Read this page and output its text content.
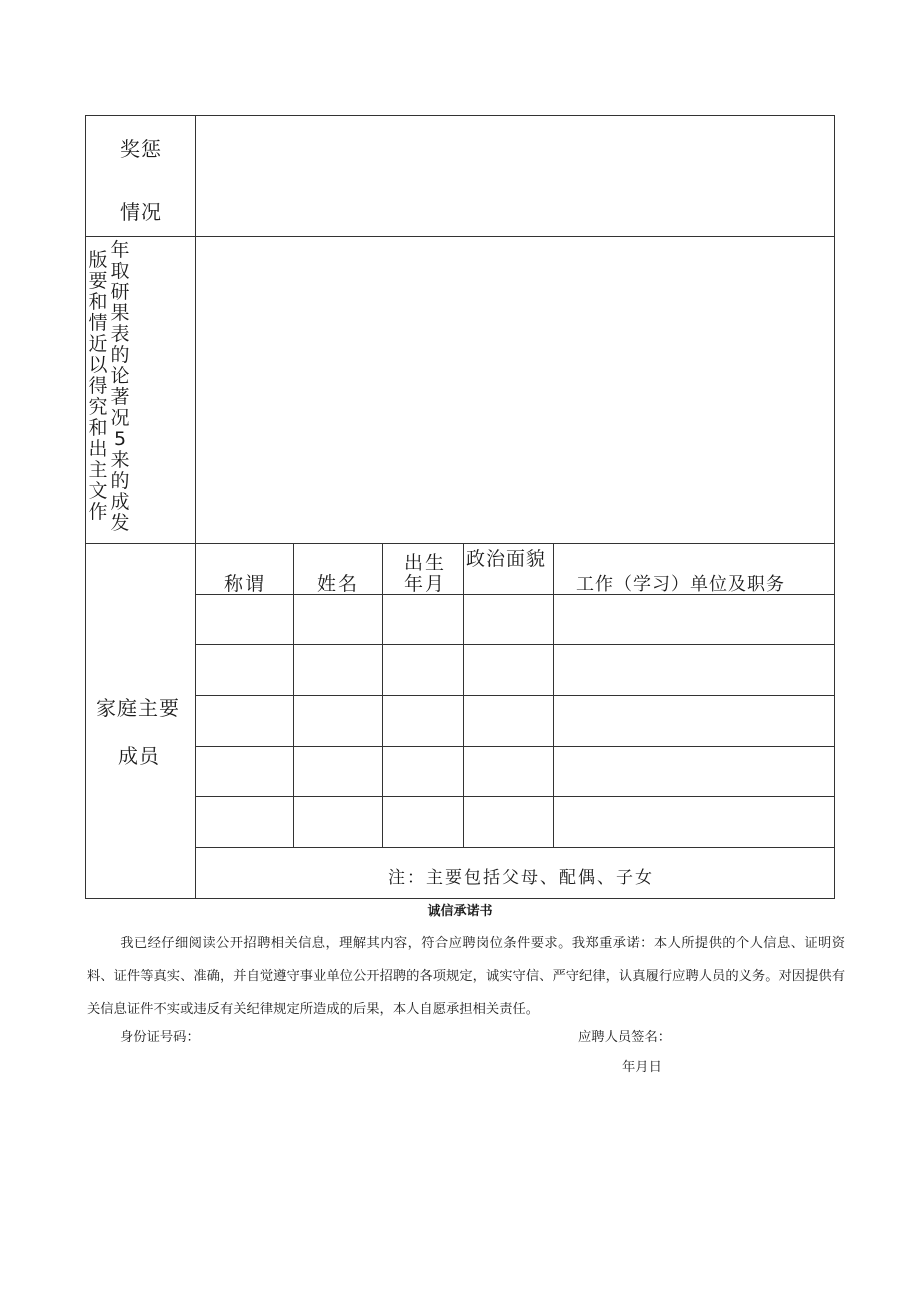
奖惩
情况
版要和情近以得究和出主文作
年取研果表的论著况5来的成发
家庭主要
成员
称谓	姓名
出生
年月
政治面貌
工作（学习）单位及职务
注：主要包括父母、配偶、子女
诚信承诺书
我已经仔细阅读公开招聘相关信息，理解其内容，符合应聘岗位条件要求。我郑重承诺：本人所提供的个人信息、证明资料、证件等真实、准确，并自觉遵守事业单位公开招聘的各项规定，诚实守信、严守纪律，认真履行应聘人员的义务。对因提供有关信息证件不实或违反有关纪律规定所造成的后果，本人自愿承担相关责任。
身份证号码：	应聘人员签名：
年月日
